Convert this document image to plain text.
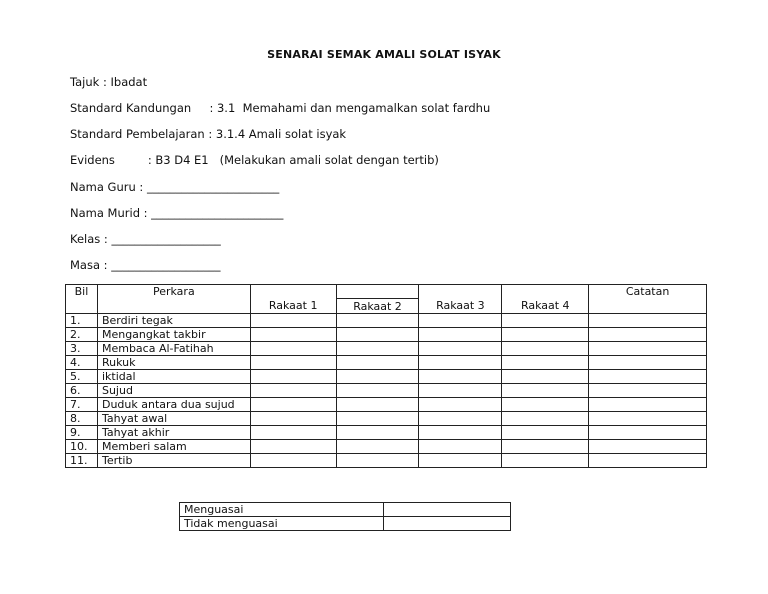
SENARAI SEMAK AMALI SOLAT ISYAK
Tajuk : Ibadat
Standard Kandungan     : 3.1  Memahami dan mengamalkan solat fardhu
Standard Pembelajaran : 3.1.4 Amali solat isyak
Evidens         : B3 D4 E1   (Melakukan amali solat dengan tertib)
Nama Guru : _______________________
Nama Murid : _______________________
Kelas : ___________________
Masa : ___________________
Bil	Perkara					Catatan
		Rakaat 1	Rakaat 2	Rakaat 3	Rakaat 4	
1.	Berdiri tegak					
2.	Mengangkat takbir					
3.	Membaca Al-Fatihah					
4.	Rukuk					
5.	iktidal					
6.	Sujud					
7.	Duduk antara dua sujud					
8.	Tahyat awal					
9.	Tahyat akhir					
10.	Memberi salam					
11.	Tertib					
Menguasai	
Tidak menguasai	
